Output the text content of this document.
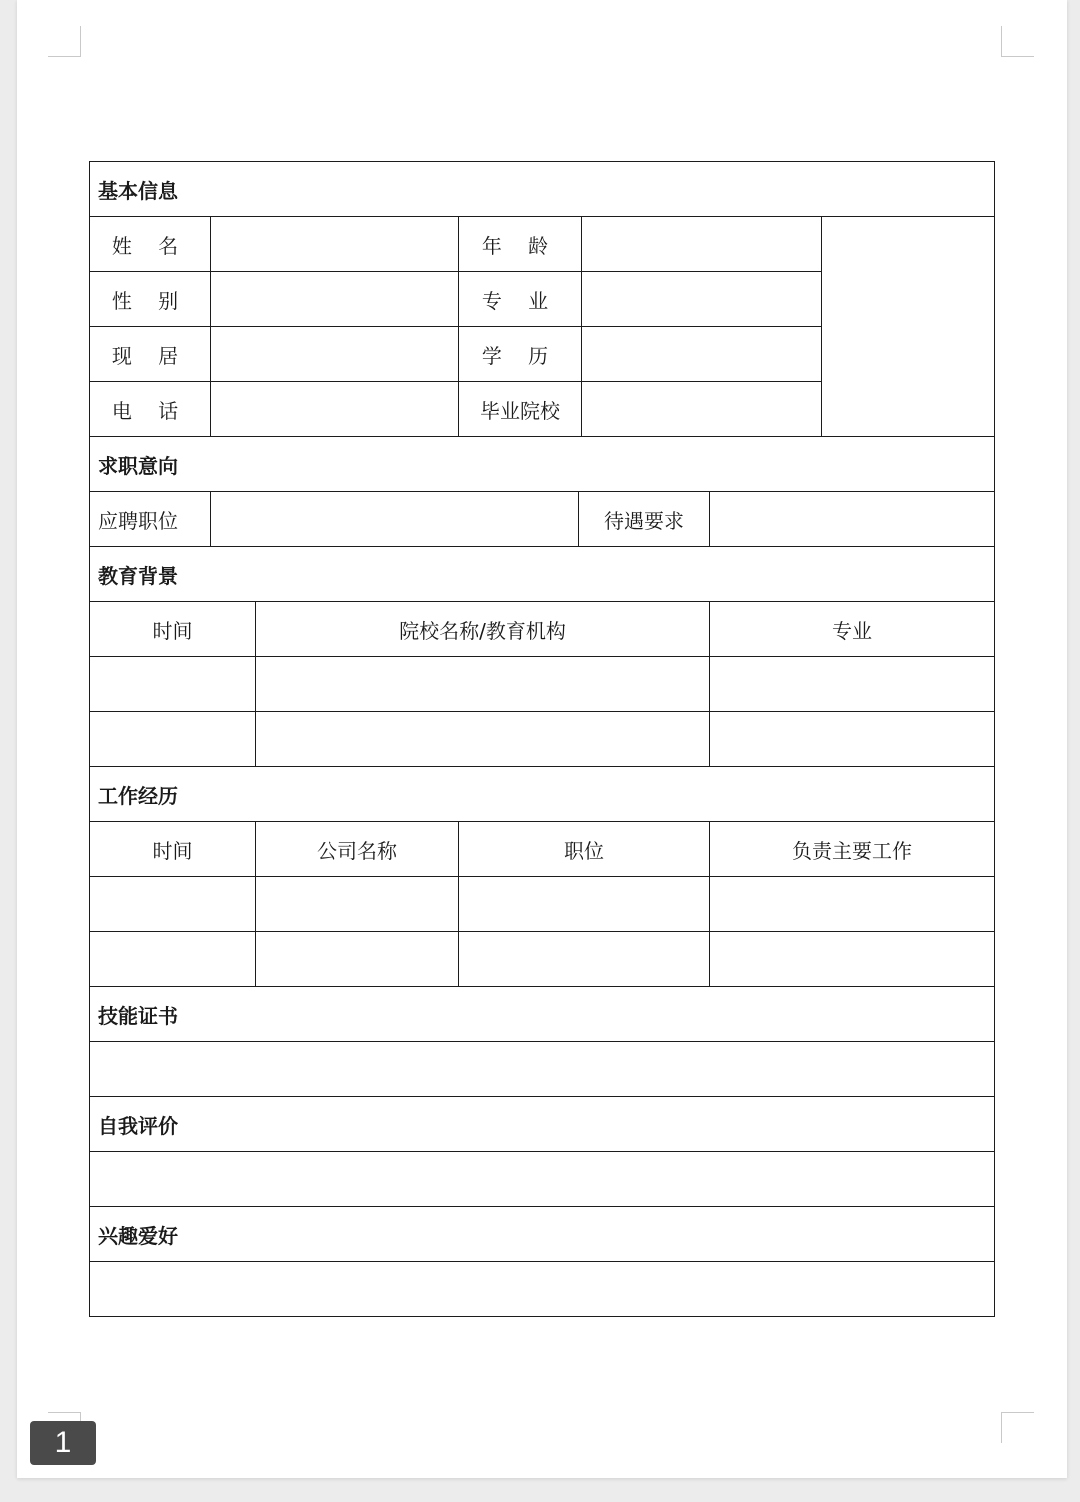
基本信息							
姓 名			年 龄				
性 别			专 业				
现 居			学 历				
电 话			毕业院校				
求职意向							
应聘职位				待遇要求			
教育背景							
时间		院校名称/教育机构				专业	

工作经历							
时间		公司名称	职位			负责主要工作	

技能证书							

自我评价							

兴趣爱好							

1
